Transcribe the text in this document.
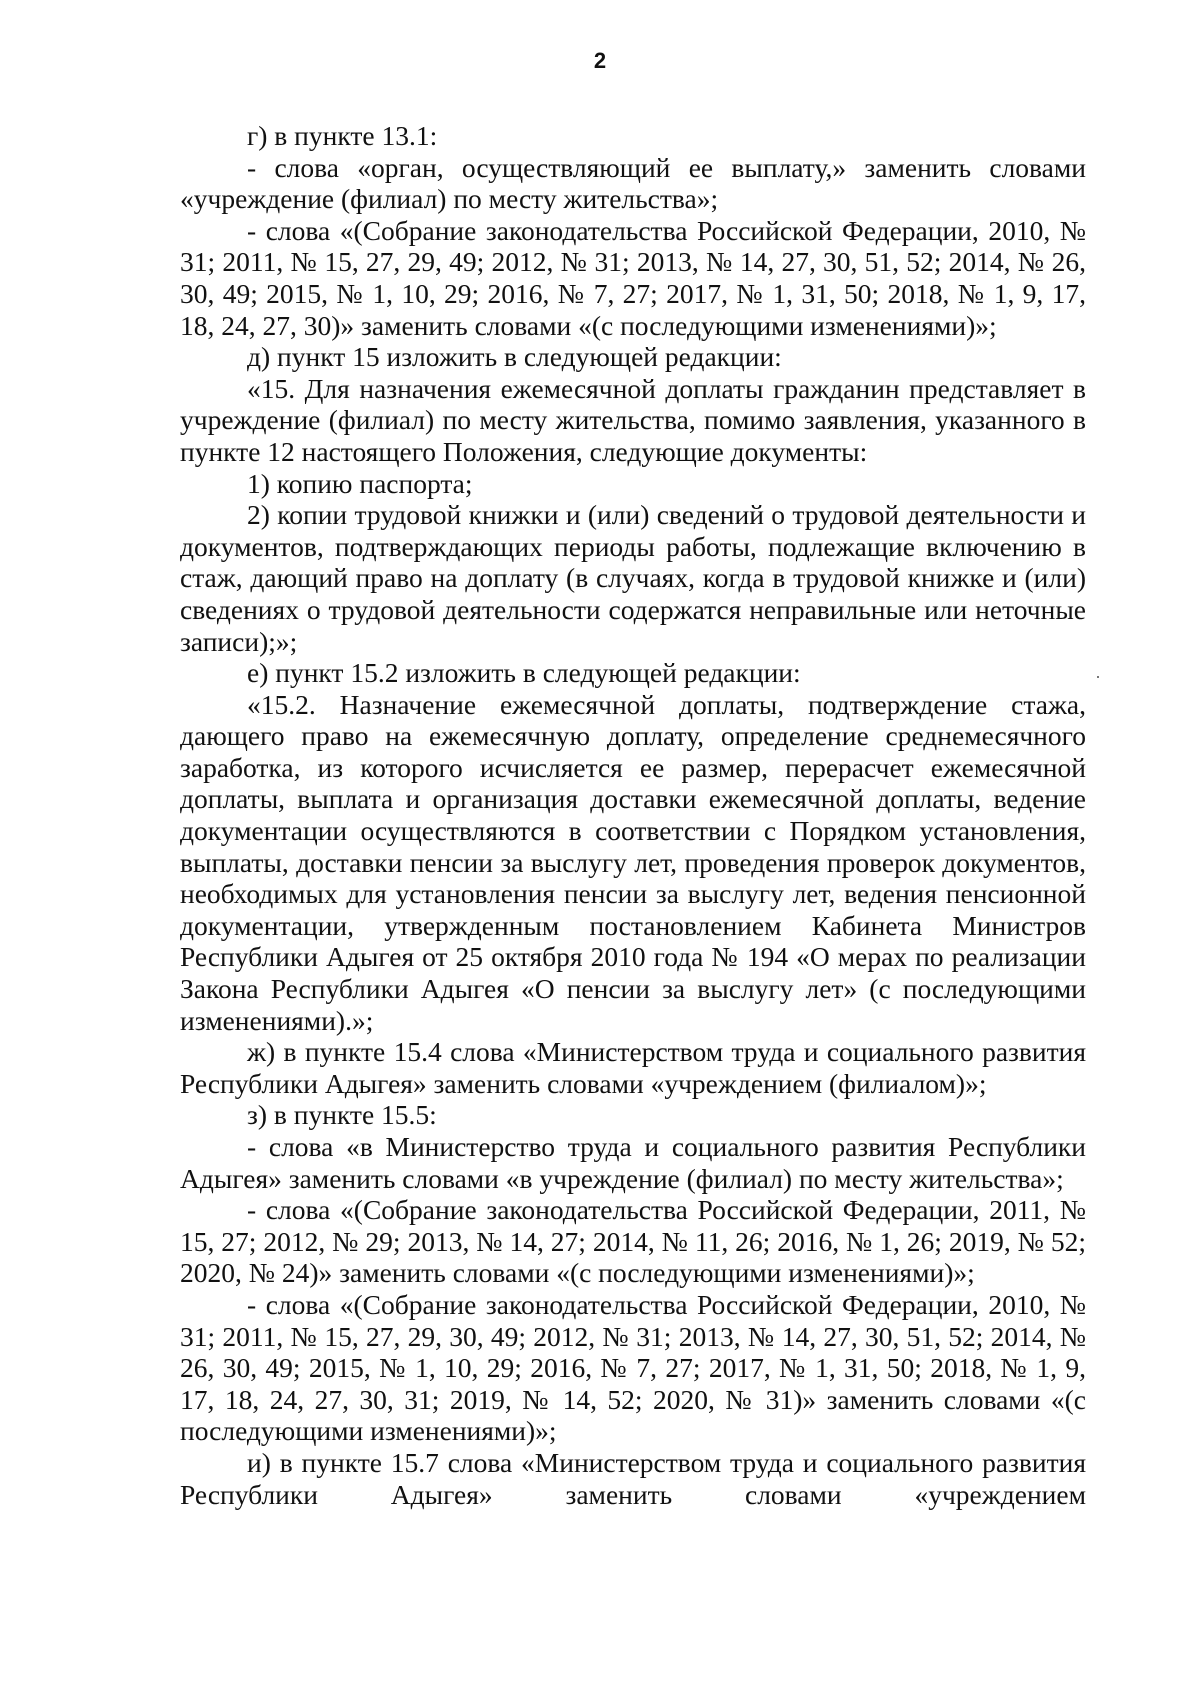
2

г) в пункте 13.1:

- слова «орган, осуществляющий ее выплату,» заменить словами «учреждение (филиал) по месту жительства»;

- слова «(Собрание законодательства Российской Федерации, 2010, № 31; 2011, № 15, 27, 29, 49; 2012, № 31; 2013, № 14, 27, 30, 51, 52; 2014, № 26, 30, 49; 2015, № 1, 10, 29; 2016, № 7, 27; 2017, № 1, 31, 50; 2018, № 1, 9, 17, 18, 24, 27, 30)» заменить словами «(с последующими изменениями)»;

д) пункт 15 изложить в следующей редакции:

«15. Для назначения ежемесячной доплаты гражданин представляет в учреждение (филиал) по месту жительства, помимо заявления, указанного в пункте 12 настоящего Положения, следующие документы:

1) копию паспорта;

2) копии трудовой книжки и (или) сведений о трудовой деятельности и документов, подтверждающих периоды работы, подлежащие включению в стаж, дающий право на доплату (в случаях, когда в трудовой книжке и (или) сведениях о трудовой деятельности содержатся неправильные или неточные записи);»;

е) пункт 15.2 изложить в следующей редакции:

«15.2. Назначение ежемесячной доплаты, подтверждение стажа, дающего право на ежемесячную доплату, определение среднемесячного заработка, из которого исчисляется ее размер, перерасчет ежемесячной доплаты, выплата и организация доставки ежемесячной доплаты, ведение документации осуществляются в соответствии с Порядком установления, выплаты, доставки пенсии за выслугу лет, проведения проверок документов, необходимых для установления пенсии за выслугу лет, ведения пенсионной документации, утвержденным постановлением Кабинета Министров Республики Адыгея от 25 октября 2010 года № 194 «О мерах по реализации Закона Республики Адыгея «О пенсии за выслугу лет» (с последующими изменениями).»;

ж) в пункте 15.4 слова «Министерством труда и социального развития Республики Адыгея» заменить словами «учреждением (филиалом)»;

з) в пункте 15.5:

- слова «в Министерство труда и социального развития Республики Адыгея» заменить словами «в учреждение (филиал) по месту жительства»;

- слова «(Собрание законодательства Российской Федерации, 2011, № 15, 27; 2012, № 29; 2013, № 14, 27; 2014, № 11, 26; 2016, № 1, 26; 2019, № 52; 2020, № 24)» заменить словами «(с последующими изменениями)»;

- слова «(Собрание законодательства Российской Федерации, 2010, № 31; 2011, № 15, 27, 29, 30, 49; 2012, № 31; 2013, № 14, 27, 30, 51, 52; 2014, № 26, 30, 49; 2015, № 1, 10, 29; 2016, № 7, 27; 2017, № 1, 31, 50; 2018, № 1, 9, 17, 18, 24, 27, 30, 31; 2019, № 14, 52; 2020, № 31)» заменить словами «(с последующими изменениями)»;

и) в пункте 15.7 слова «Министерством труда и социального развития Республики Адыгея» заменить словами «учреждением
